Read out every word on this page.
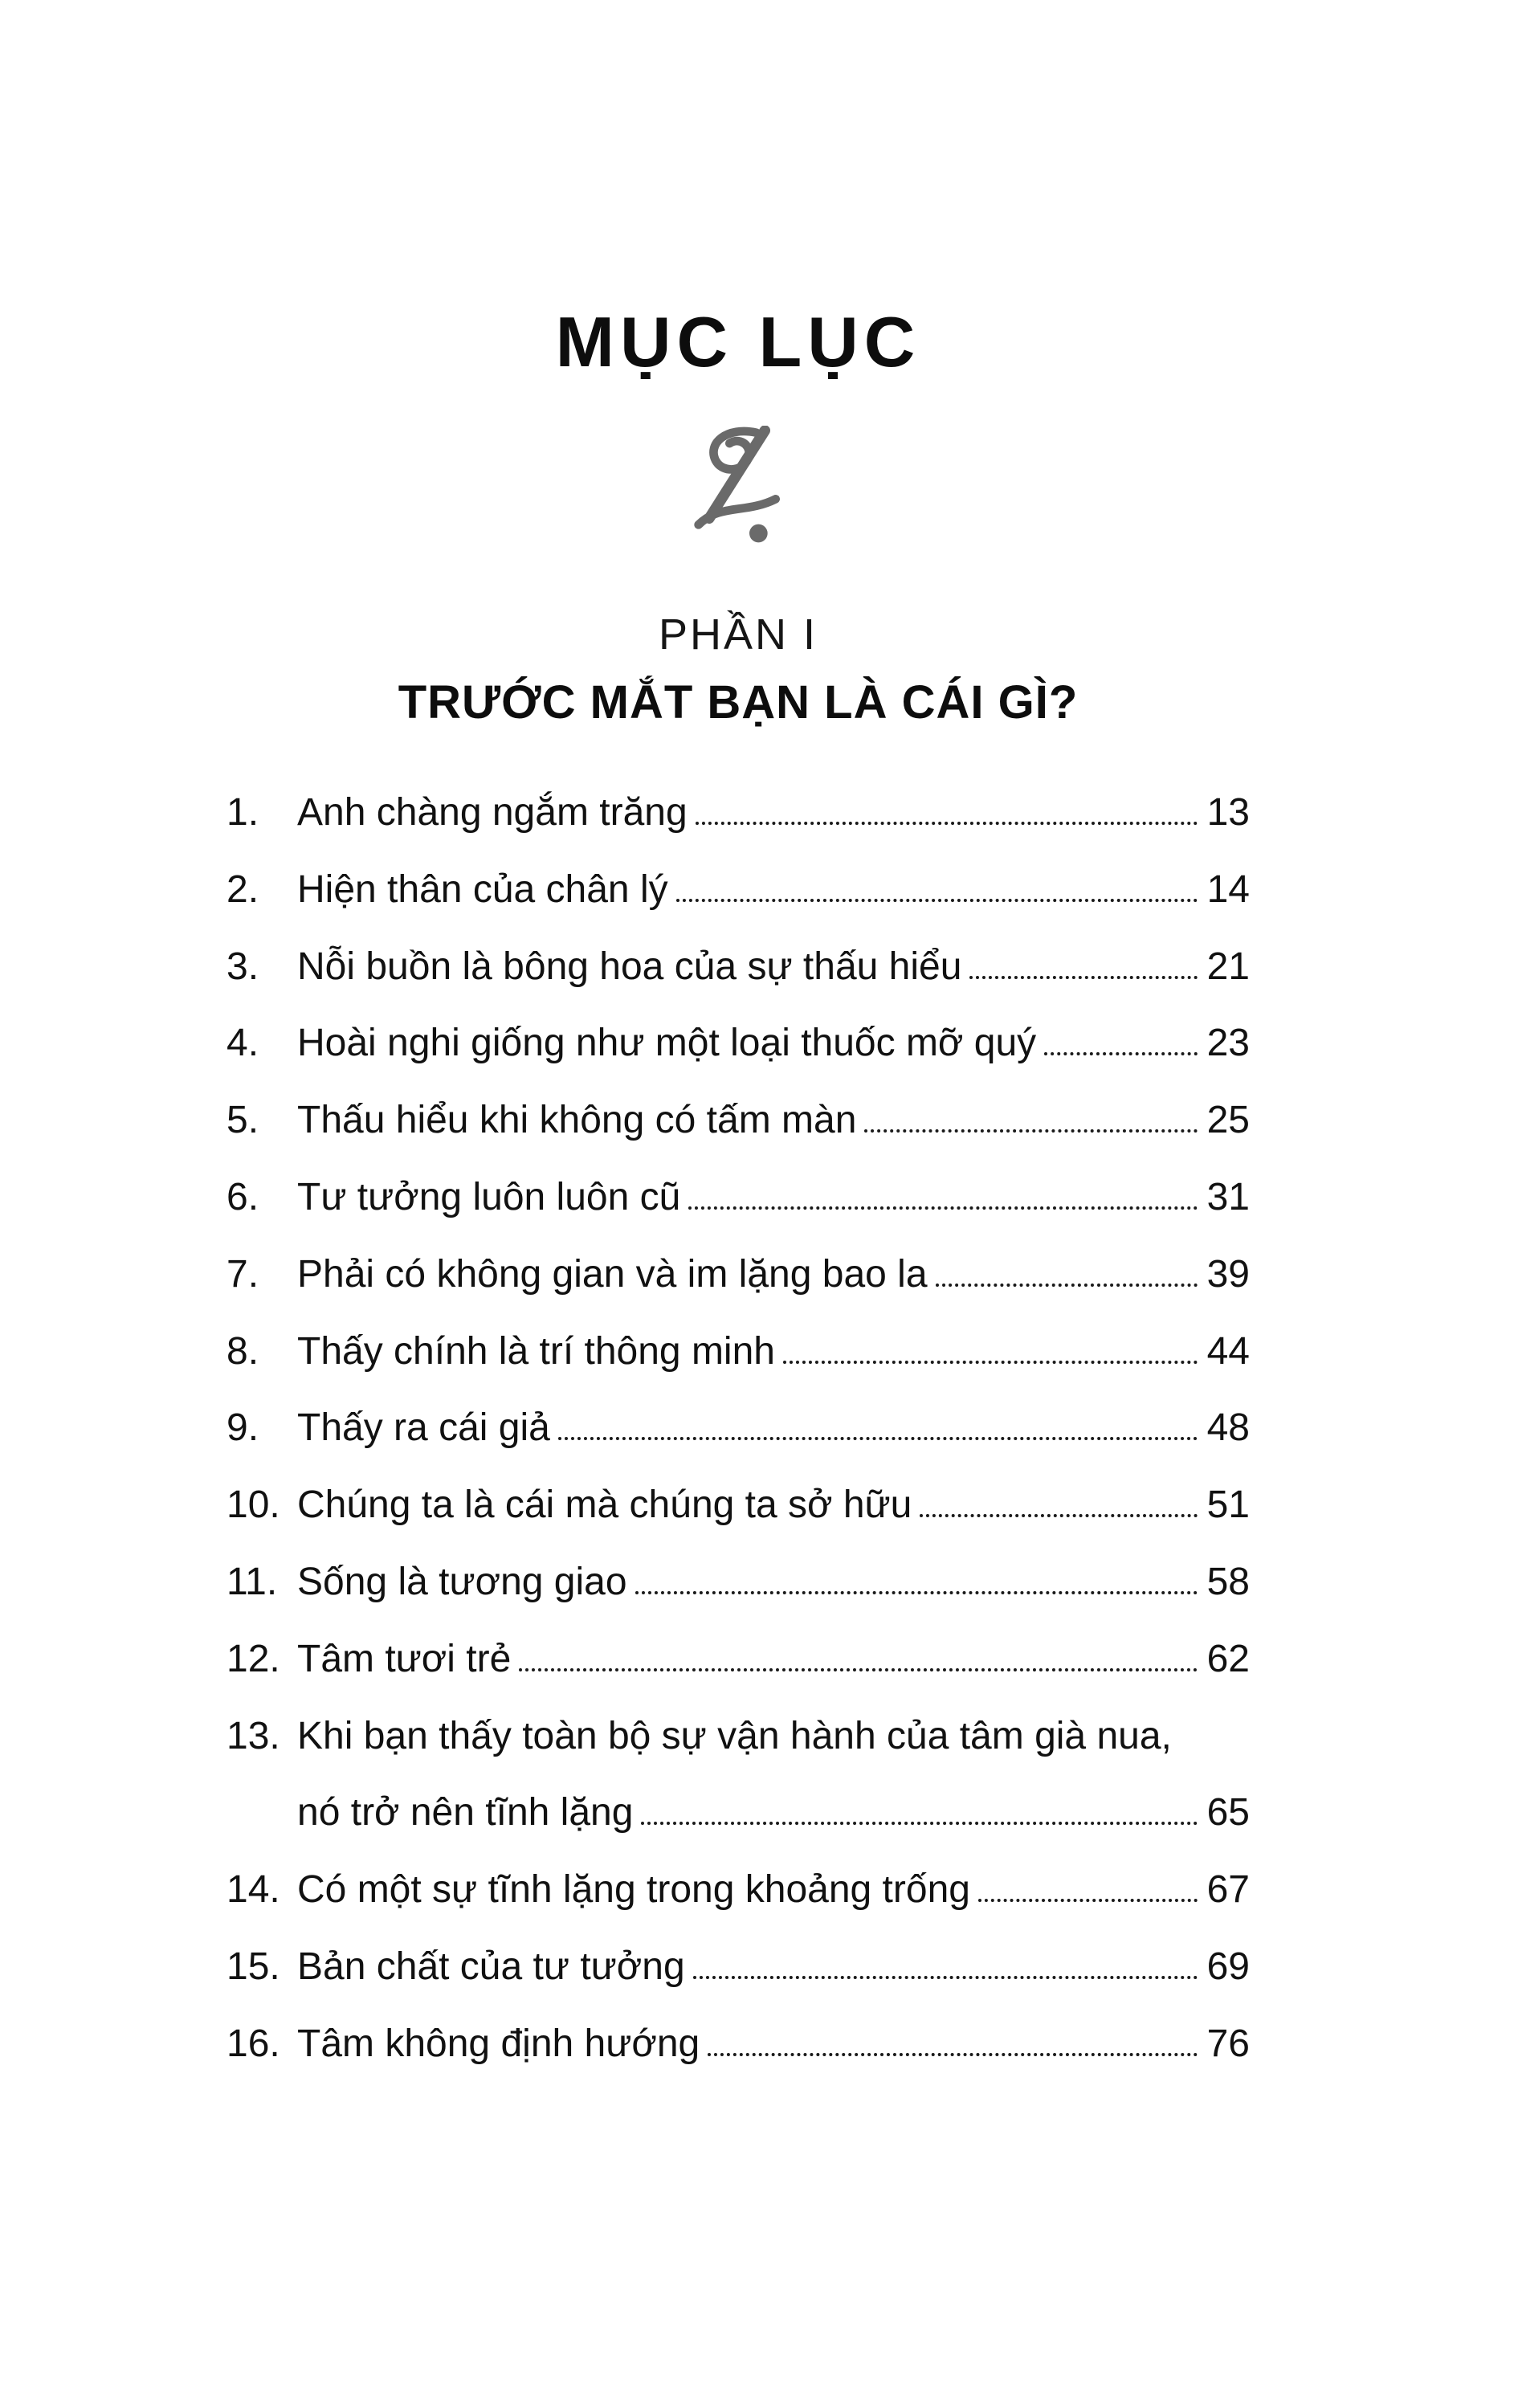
MỤC LỤC
PHẦN I
TRƯỚC MẮT BẠN LÀ CÁI GÌ?
1. Anh chàng ngắm trăng	13
2. Hiện thân của chân lý	14
3. Nỗi buồn là bông hoa của sự thấu hiểu	21
4. Hoài nghi giống như một loại thuốc mỡ quý	23
5. Thấu hiểu khi không có tấm màn	25
6. Tư tưởng luôn luôn cũ	31
7. Phải có không gian và im lặng bao la	39
8. Thấy chính là trí thông minh	44
9. Thấy ra cái giả	48
10. Chúng ta là cái mà chúng ta sở hữu	51
11. Sống là tương giao	58
12. Tâm tươi trẻ	62
13. Khi bạn thấy toàn bộ sự vận hành của tâm già nua,
nó trở nên tĩnh lặng	65
14. Có một sự tĩnh lặng trong khoảng trống	67
15. Bản chất của tư tưởng	69
16. Tâm không định hướng	76
